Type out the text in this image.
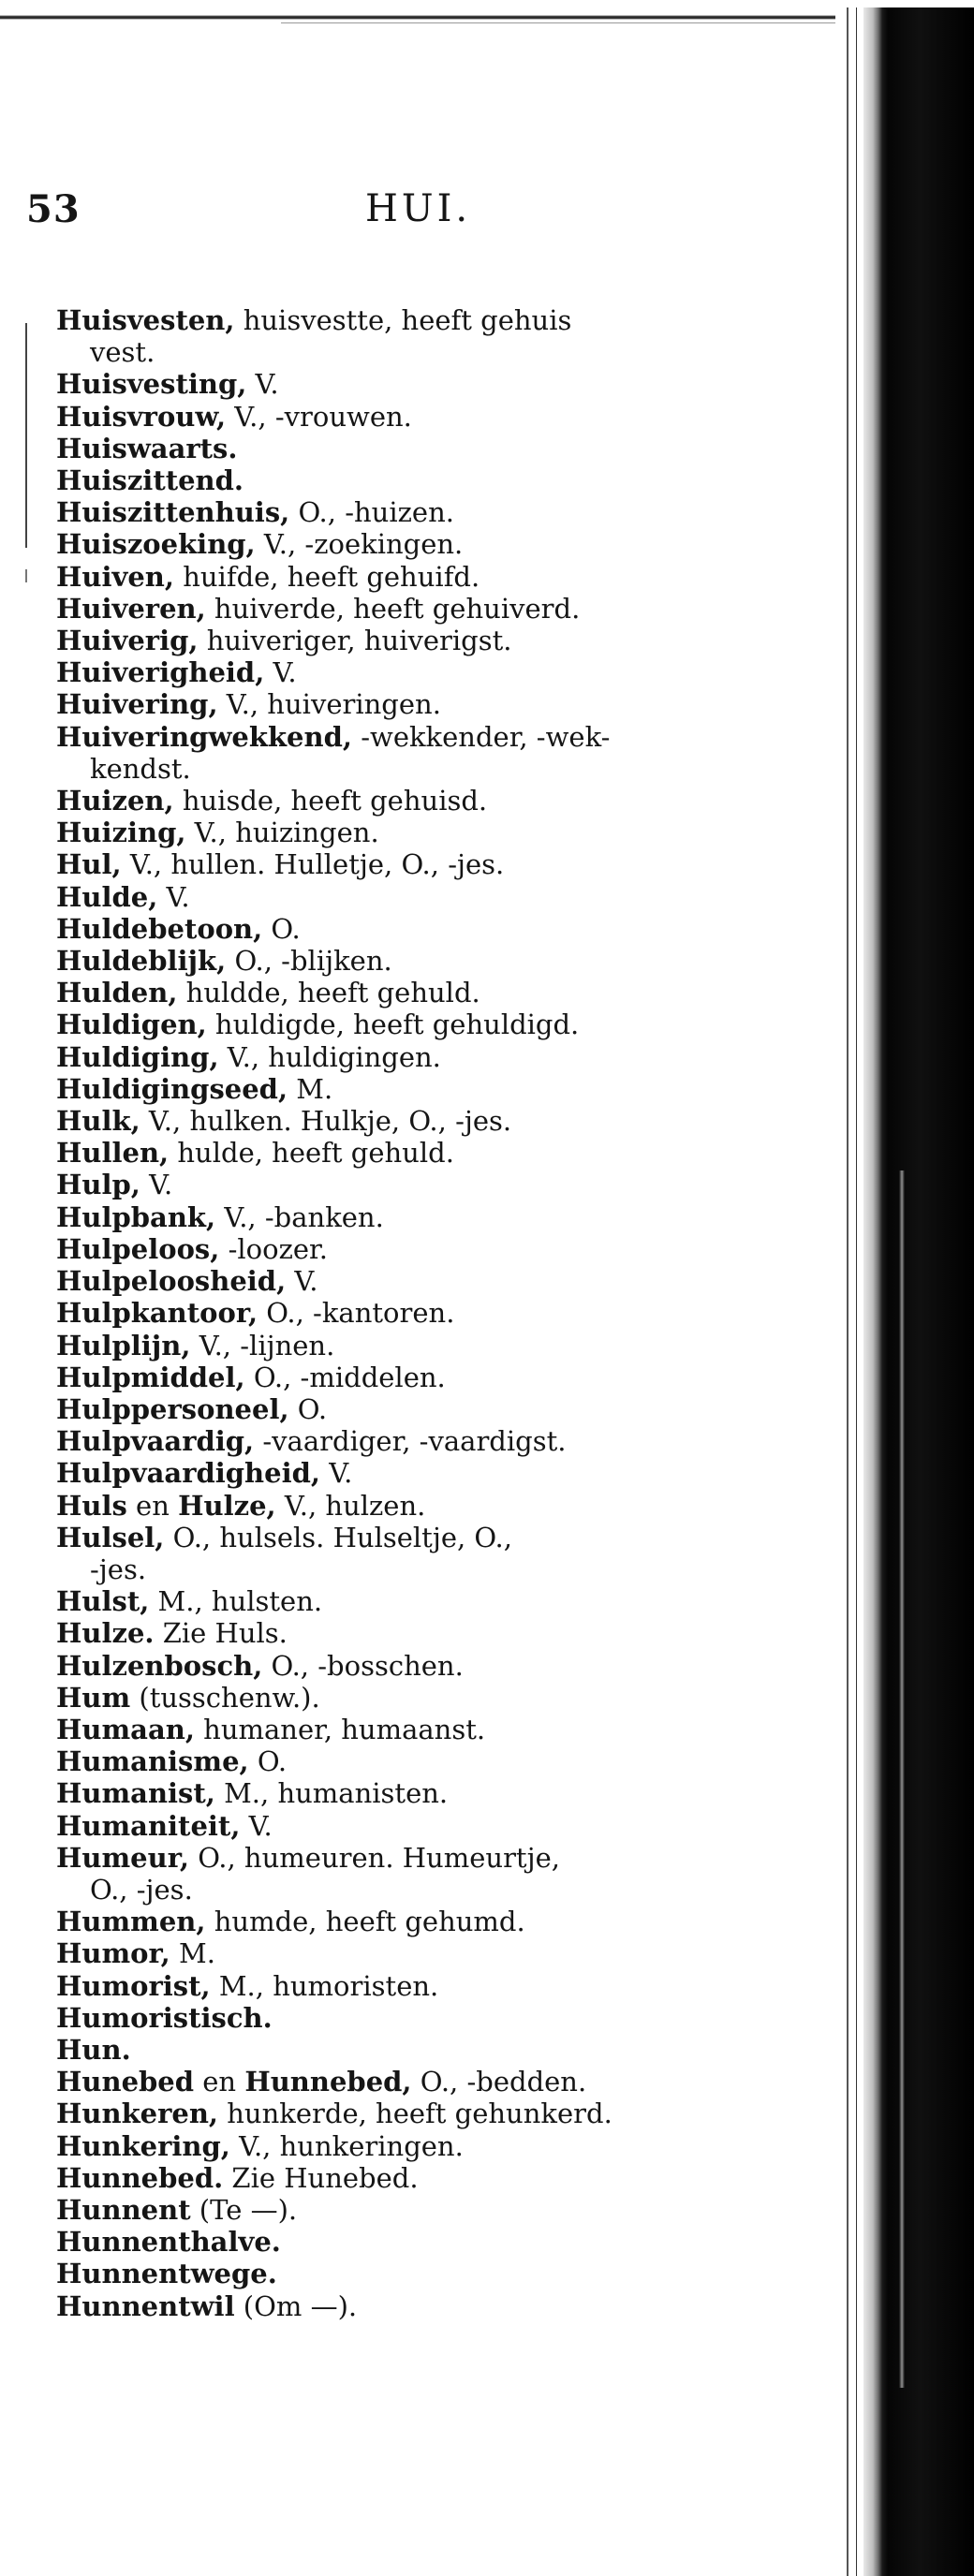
53	HUI.
Huisvesten, huisvestte, heeft gehuis
vest.
Huisvesting, V.
Huisvrouw, V., -vrouwen.
Huiswaarts.
Huiszittend.
Huiszittenhuis, O., -huizen.
Huiszoeking, V., -zoekingen.
Huiven, huifde, heeft gehuifd.
Huiveren, huiverde, heeft gehuiverd.
Huiverig, huiveriger, huiverigst.
Huiverigheid, V.
Huivering, V., huiveringen.
Huiveringwekkend, -wekkender, -wek-
kendst.
Huizen, huisde, heeft gehuisd.
Huizing, V., huizingen.
Hul, V., hullen. Hulletje, O., -jes.
Hulde, V.
Huldebetoon, O.
Huldeblijk, O., -blijken.
Hulden, huldde, heeft gehuld.
Huldigen, huldigde, heeft gehuldigd.
Huldiging, V., huldigingen.
Huldigingseed, M.
Hulk, V., hulken. Hulkje, O., -jes.
Hullen, hulde, heeft gehuld.
Hulp, V.
Hulpbank, V., -banken.
Hulpeloos, -loozer.
Hulpeloosheid, V.
Hulpkantoor, O., -kantoren.
Hulplijn, V., -lijnen.
Hulpmiddel, O., -middelen.
Hulppersoneel, O.
Hulpvaardig, -vaardiger, -vaardigst.
Hulpvaardigheid, V.
Huls en Hulze, V., hulzen.
Hulsel, O., hulsels. Hulseltje, O.,
-jes.
Hulst, M., hulsten.
Hulze. Zie Huls.
Hulzenbosch, O., -bosschen.
Hum (tusschenw.).
Humaan, humaner, humaanst.
Humanisme, O.
Humanist, M., humanisten.
Humaniteit, V.
Humeur, O., humeuren. Humeurtje,
O., -jes.
Hummen, humde, heeft gehumd.
Humor, M.
Humorist, M., humoristen.
Humoristisch.
Hun.
Hunebed en Hunnebed, O., -bedden.
Hunkeren, hunkerde, heeft gehunkerd.
Hunkering, V., hunkeringen.
Hunnebed. Zie Hunebed.
Hunnent (Te —).
Hunnenthalve.
Hunnentwege.
Hunnentwil (Om —).
